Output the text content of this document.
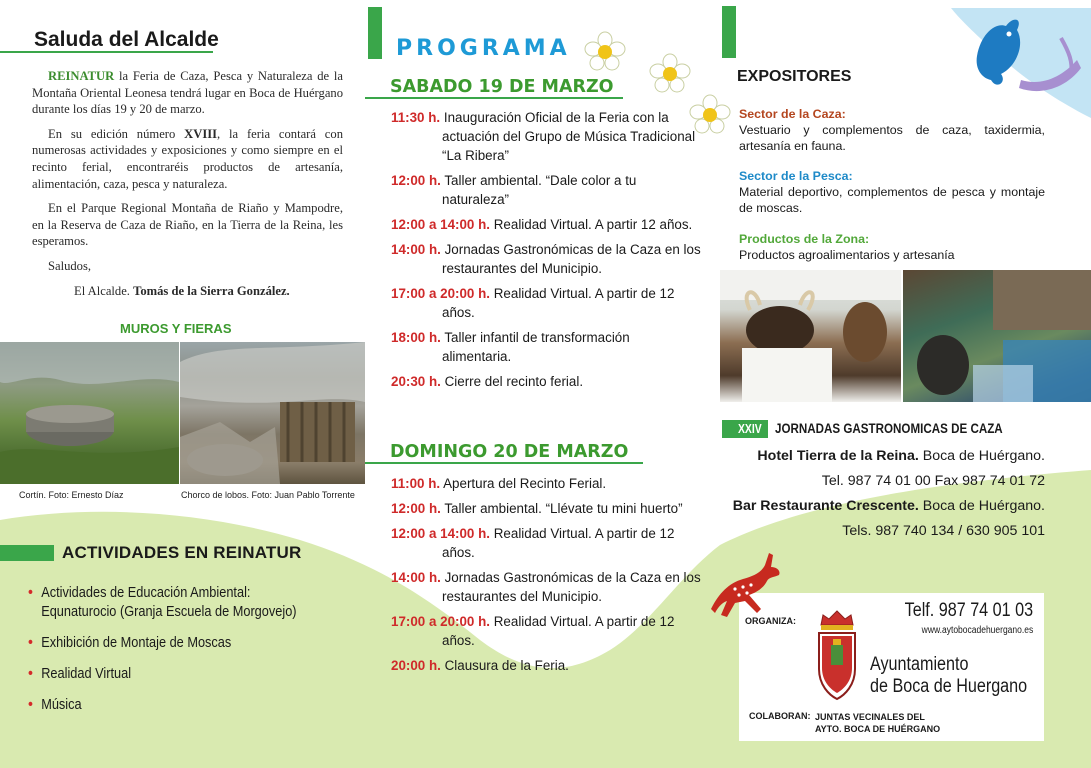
Saluda del Alcalde

REINATUR la Feria de Caza, Pesca y Naturaleza de la Montaña Oriental Leonesa tendrá lugar en Boca de Huérgano durante los días 19 y 20 de marzo.

En su edición número XVIII, la feria contará con numerosas actividades y exposiciones y como siempre en el recinto ferial, encontraréis productos de artesanía, alimentación, caza, pesca y naturaleza.

En el Parque Regional Montaña de Riaño y Mampodre, en la Reserva de Caza de Riaño, en la Tierra de la Reina, les esperamos.

Saludos,

El Alcalde. Tomás de la Sierra González.

MUROS Y FIERAS
Cortín. Foto: Ernesto Díaz	Chorco de lobos. Foto: Juan Pablo Torrente
ACTIVIDADES EN REINATUR
• Actividades de Educación Ambiental: Equnaturocio (Granja Escuela de Morgovejo)
• Exhibición de Montaje de Moscas
• Realidad Virtual
• Música
PROGRAMA
SABADO 19 DE MARZO
11:30 h. Inauguración Oficial de la Feria con la actuación del Grupo de Música Tradicional “La Ribera”
12:00 h. Taller ambiental. “Dale color a tu naturaleza”
12:00 a 14:00 h. Realidad Virtual. A partir 12 años.
14:00 h. Jornadas Gastronómicas de la Caza en los restaurantes del Municipio.
17:00 a 20:00 h. Realidad Virtual. A partir de 12 años.
18:00 h. Taller infantil de transformación alimentaria.
20:30 h. Cierre del recinto ferial.
DOMINGO 20 DE MARZO
11:00 h. Apertura del Recinto Ferial.
12:00 h. Taller ambiental. “Llévate tu mini huerto”
12:00 a 14:00 h. Realidad Virtual. A partir de 12 años.
14:00 h. Jornadas Gastronómicas de la Caza en los restaurantes del Municipio.
17:00 a 20:00 h. Realidad Virtual. A partir de 12 años.
20:00 h. Clausura de la Feria.
EXPOSITORES
Sector de la Caza:
Vestuario y complementos de caza, taxidermia, artesanía en fauna.
Sector de la Pesca:
Material deportivo, complementos de pesca y montaje de moscas.
Productos de la Zona:
Productos agroalimentarios y artesanía

XXIV JORNADAS GASTRONOMICAS DE CAZA
Hotel Tierra de la Reina. Boca de Huérgano.
Tel. 987 74 01 00 Fax 987 74 01 72
Bar Restaurante Crescente. Boca de Huérgano.
Tels. 987 740 134 / 630 905 101
ORGANIZA:	Telf. 987 74 01 03
www.aytobocadehuergano.es
Ayuntamiento
de Boca de Huergano
COLABORAN: JUNTAS VECINALES DEL
AYTO. BOCA DE HUÉRGANO
